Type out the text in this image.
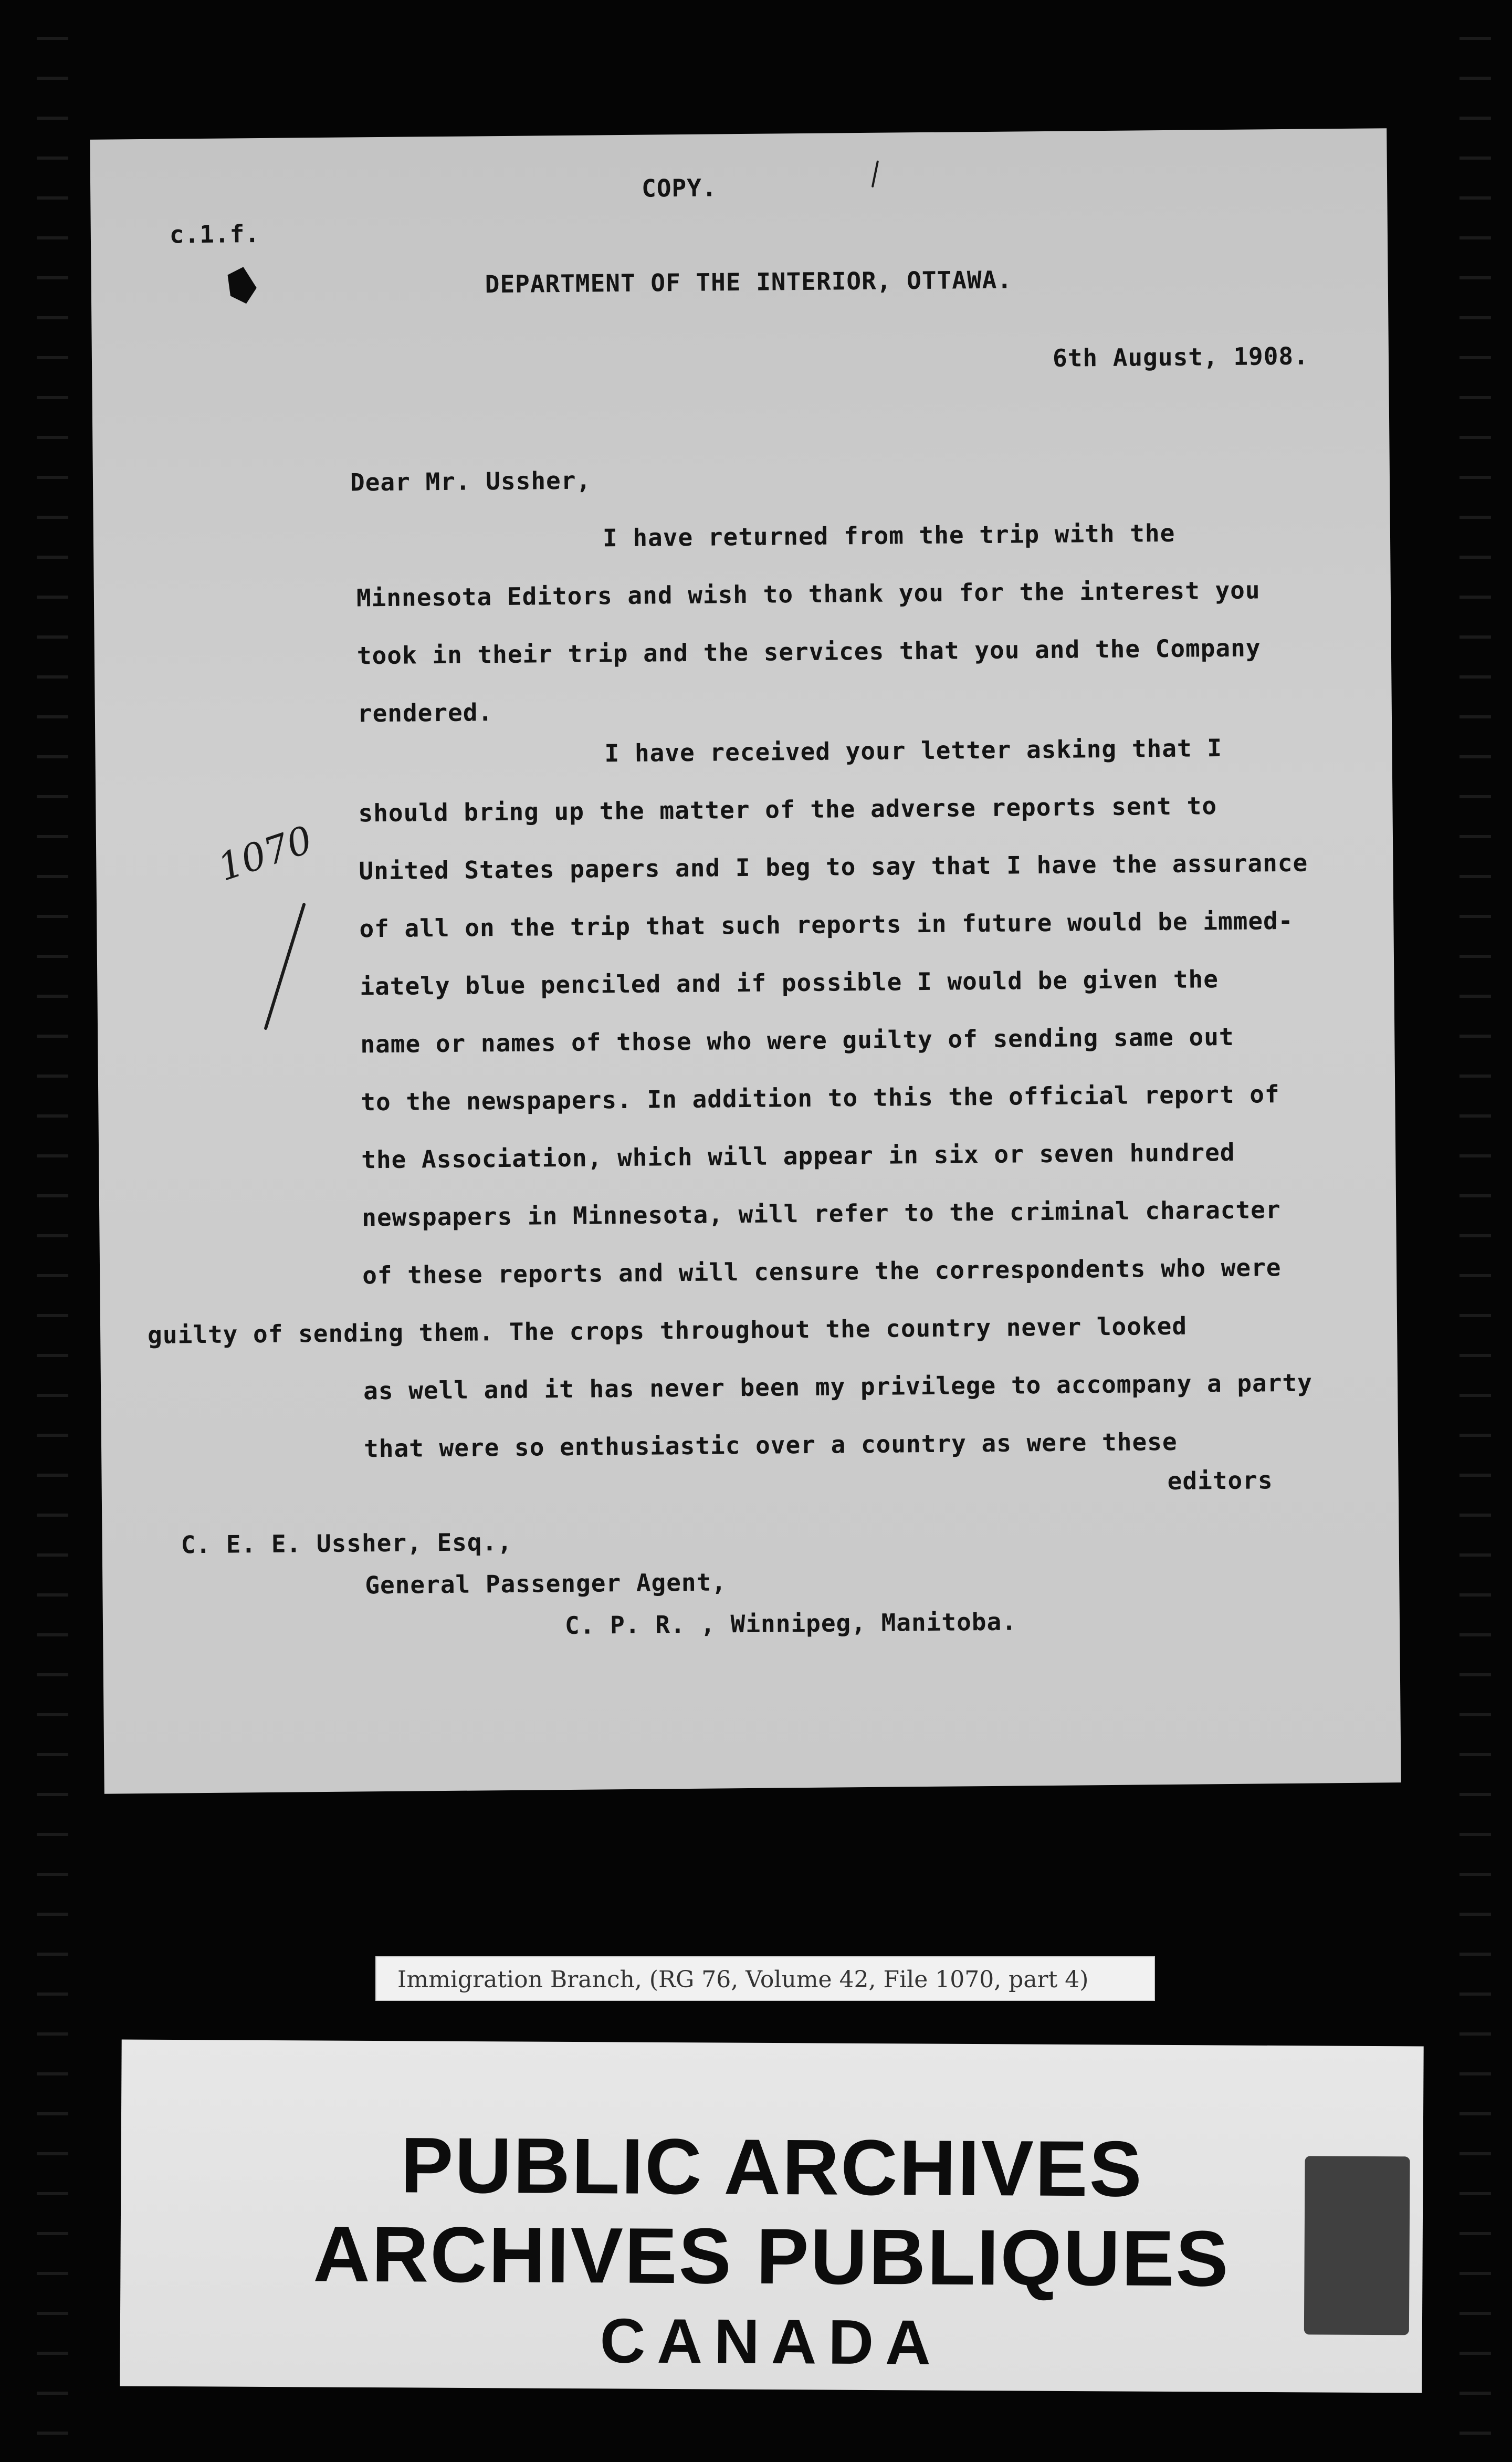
COPY.
c.1.f.
DEPARTMENT OF THE INTERIOR, OTTAWA.
6th August, 1908.
Dear Mr. Ussher,
I have returned from the trip with the
Minnesota Editors and wish to thank you for the interest you
took in their trip and the services that you and the Company
rendered.
I have received your letter asking that I
should bring up the matter of the adverse reports sent to
United States papers and I beg to say that I have the assurance
of all on the trip that such reports in future would be immed-
iately blue penciled and if possible I would be given the
name or names of those who were guilty of sending same out
to the newspapers. In addition to this the official report of
the Association, which will appear in six or seven hundred
newspapers in Minnesota, will refer to the criminal character
of these reports and will censure the correspondents who were
guilty of sending them. The crops throughout the country never looked
as well and it has never been my privilege to accompany a party
that were so enthusiastic over a country as were these
editors
C. E. E. Ussher, Esq.,
General Passenger Agent,
C. P. R. , Winnipeg, Manitoba.
1070
Immigration Branch, (RG 76, Volume 42, File 1070, part 4)
PUBLIC ARCHIVES
ARCHIVES PUBLIQUES
CANADA
